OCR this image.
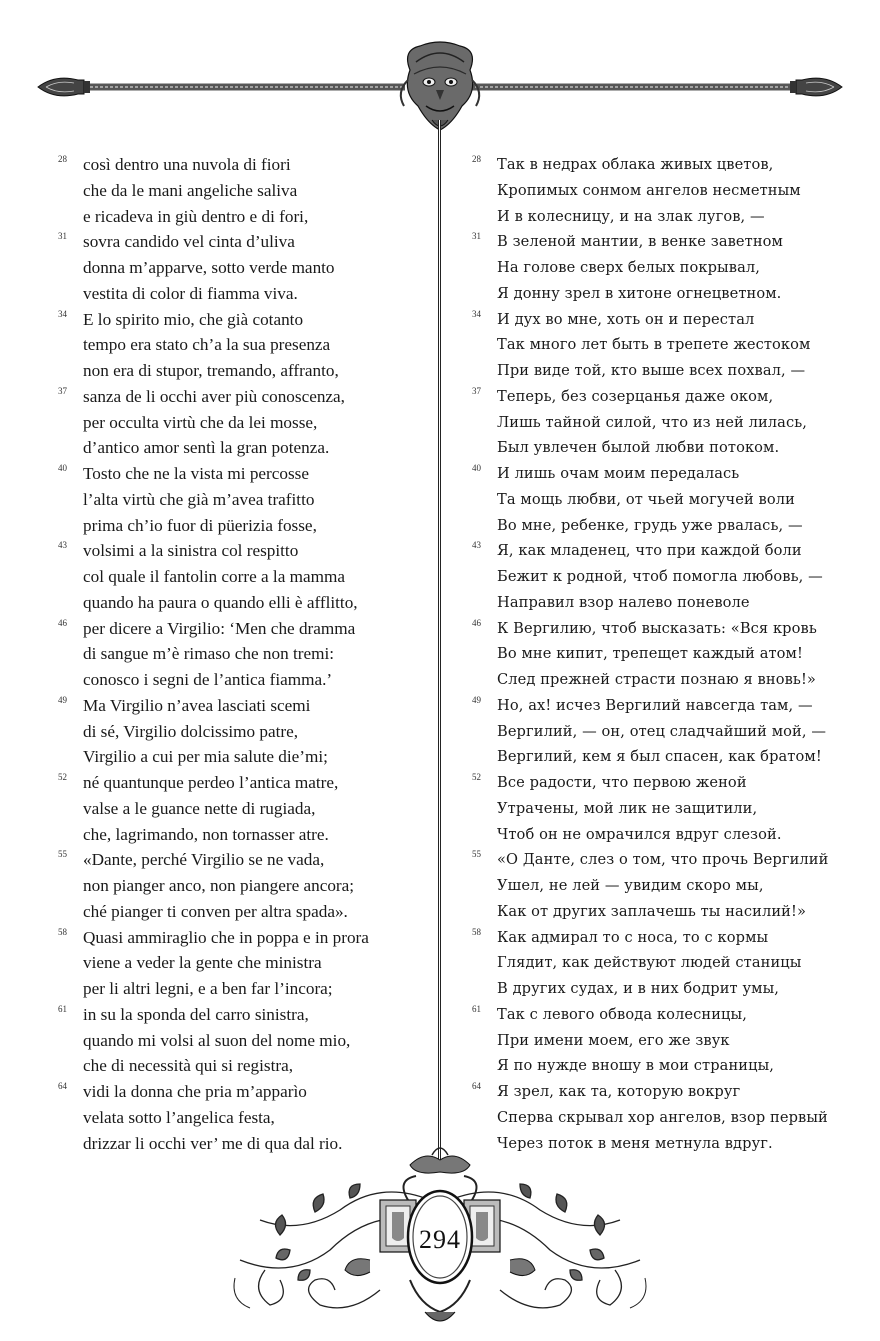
28 così dentro una nuvola di fiori
che da le mani angeliche saliva
e ricadeva in giù dentro e di fori,
31 sovra candido vel cinta d’uliva
donna m’apparve, sotto verde manto
vestita di color di fiamma viva.
34 E lo spirito mio, che già cotanto
tempo era stato ch’a la sua presenza
non era di stupor, tremando, affranto,
37 sanza de li occhi aver più conoscenza,
per occulta virtù che da lei mosse,
d’antico amor sentì la gran potenza.
40 Tosto che ne la vista mi percosse
l’alta virtù che già m’avea trafitto
prima ch’io fuor di püerizia fosse,
43 volsimi a la sinistra col respitto
col quale il fantolin corre a la mamma
quando ha paura o quando elli è afflitto,
46 per dicere a Virgilio: ‘Men che dramma
di sangue m’è rimaso che non tremi:
conosco i segni de l’antica fiamma.’
49 Ma Virgilio n’avea lasciati scemi
di sé, Virgilio dolcissimo patre,
Virgilio a cui per mia salute die’mi;
52 né quantunque perdeo l’antica matre,
valse a le guance nette di rugiada,
che, lagrimando, non tornasser atre.
55 «Dante, perché Virgilio se ne vada,
non pianger anco, non piangere ancora;
ché pianger ti conven per altra spada».
58 Quasi ammiraglio che in poppa e in prora
viene a veder la gente che ministra
per li altri legni, e a ben far l’incora;
61 in su la sponda del carro sinistra,
quando mi volsi al suon del nome mio,
che di necessità qui si registra,
64 vidi la donna che pria m’apparìo
velata sotto l’angelica festa,
drizzar li occhi ver’ me di qua dal rio.
28	Так в недрах облака живых цветов,
Кропимых сонмом ангелов несметным
И в колесницу, и на злак лугов, —
31	В зеленой мантии, в венке заветном
На голове сверх белых покрывал,
Я донну зрел в хитоне огнецветном.
34	И дух во мне, хоть он и перестал
Так много лет быть в трепете жестоком
При виде той, кто выше всех похвал, —
37	Теперь, без созерцанья даже оком,
Лишь тайной силой, что из ней лилась,
Был увлечен былой любви потоком.
40	И лишь очам моим передалась
Та мощь любви, от чьей могучей воли
Во мне, ребенке, грудь уже рвалась, —
43	Я, как младенец, что при каждой боли
Бежит к родной, чтоб помогла любовь, —
Направил взор налево поневоле
46	К Вергилию, чтоб высказать: «Вся кровь
Во мне кипит, трепещет каждый атом!
След прежней страсти познаю я вновь!»
49	Но, ах! исчез Вергилий навсегда там, —
Вергилий, — он, отец сладчайший мой, —
Вергилий, кем я был спасен, как братом!
52	Все радости, что первою женой
Утрачены, мой лик не защитили,
Чтоб он не омрачился вдруг слезой.
55	«О Данте, слез о том, что прочь Вергилий
Ушел, не лей — увидим скоро мы,
Как от других заплачешь ты насилий!»
58	Как адмирал то с носа, то с кормы
Глядит, как действуют людей станицы
В других судах, и в них бодрит умы,
61	Так с левого обвода колесницы,
При имени моем, его же звук
Я по нужде вношу в мои страницы,
64	Я зрел, как та, которую вокруг
Сперва скрывал хор ангелов, взор первый
Через поток в меня метнула вдруг.
294
